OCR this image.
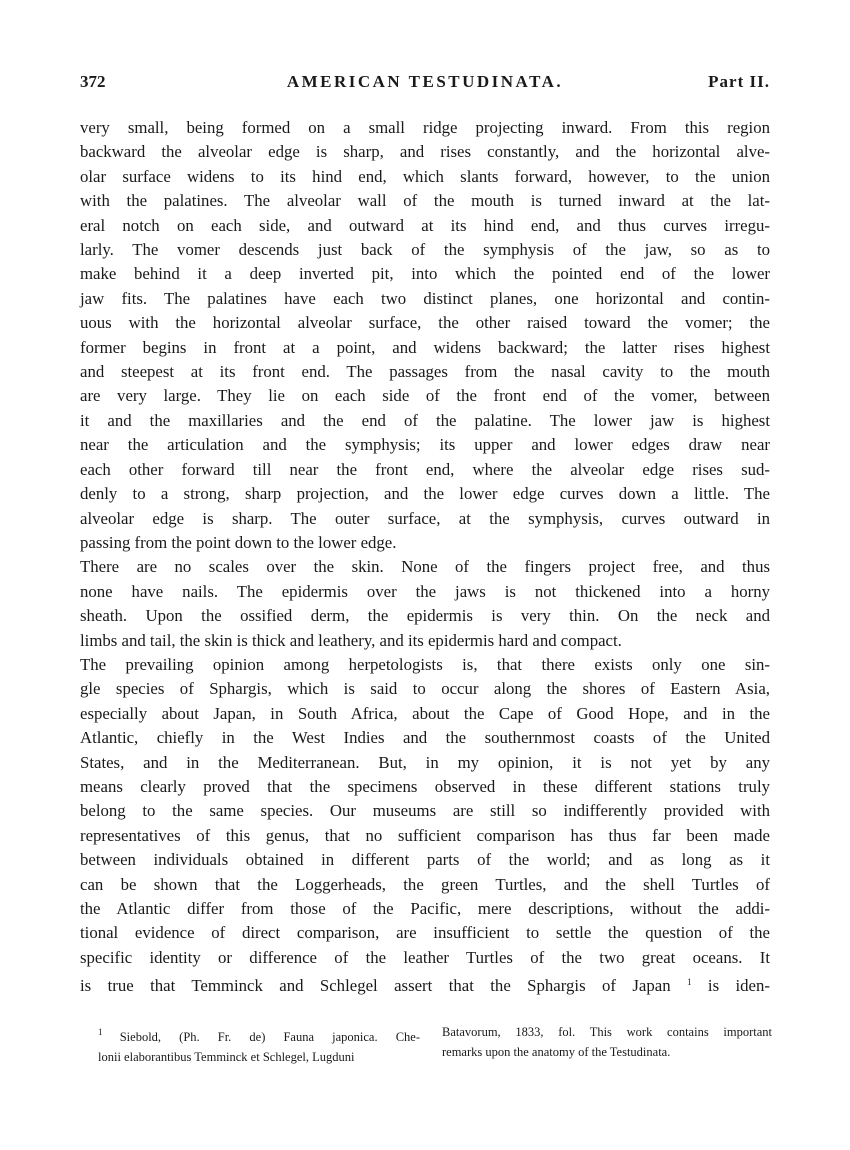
372	AMERICAN TESTUDINATA.	Part II.
very small, being formed on a small ridge projecting inward. From this region
backward the alveolar edge is sharp, and rises constantly, and the horizontal alve-
olar surface widens to its hind end, which slants forward, however, to the union
with the palatines. The alveolar wall of the mouth is turned inward at the lat-
eral notch on each side, and outward at its hind end, and thus curves irregu-
larly. The vomer descends just back of the symphysis of the jaw, so as to
make behind it a deep inverted pit, into which the pointed end of the lower
jaw fits. The palatines have each two distinct planes, one horizontal and contin-
uous with the horizontal alveolar surface, the other raised toward the vomer; the
former begins in front at a point, and widens backward; the latter rises highest
and steepest at its front end. The passages from the nasal cavity to the mouth
are very large. They lie on each side of the front end of the vomer, between
it and the maxillaries and the end of the palatine. The lower jaw is highest
near the articulation and the symphysis; its upper and lower edges draw near
each other forward till near the front end, where the alveolar edge rises sud-
denly to a strong, sharp projection, and the lower edge curves down a little. The
alveolar edge is sharp. The outer surface, at the symphysis, curves outward in
passing from the point down to the lower edge.
There are no scales over the skin. None of the fingers project free, and thus
none have nails. The epidermis over the jaws is not thickened into a horny
sheath. Upon the ossified derm, the epidermis is very thin. On the neck and
limbs and tail, the skin is thick and leathery, and its epidermis hard and compact.
The prevailing opinion among herpetologists is, that there exists only one sin-
gle species of Sphargis, which is said to occur along the shores of Eastern Asia,
especially about Japan, in South Africa, about the Cape of Good Hope, and in the
Atlantic, chiefly in the West Indies and the southernmost coasts of the United
States, and in the Mediterranean. But, in my opinion, it is not yet by any
means clearly proved that the specimens observed in these different stations truly
belong to the same species. Our museums are still so indifferently provided with
representatives of this genus, that no sufficient comparison has thus far been made
between individuals obtained in different parts of the world; and as long as it
can be shown that the Loggerheads, the green Turtles, and the shell Turtles of
the Atlantic differ from those of the Pacific, mere descriptions, without the addi-
tional evidence of direct comparison, are insufficient to settle the question of the
specific identity or difference of the leather Turtles of the two great oceans. It
is true that Temminck and Schlegel assert that the Sphargis of Japan $^1$ is iden-
$^1$ Siebold, (Ph. Fr. de) Fauna japonica. Che-
lonii elaborantibus Temminck et Schlegel, Lugduni
Batavorum, 1833, fol. This work contains important
remarks upon the anatomy of the Testudinata.
